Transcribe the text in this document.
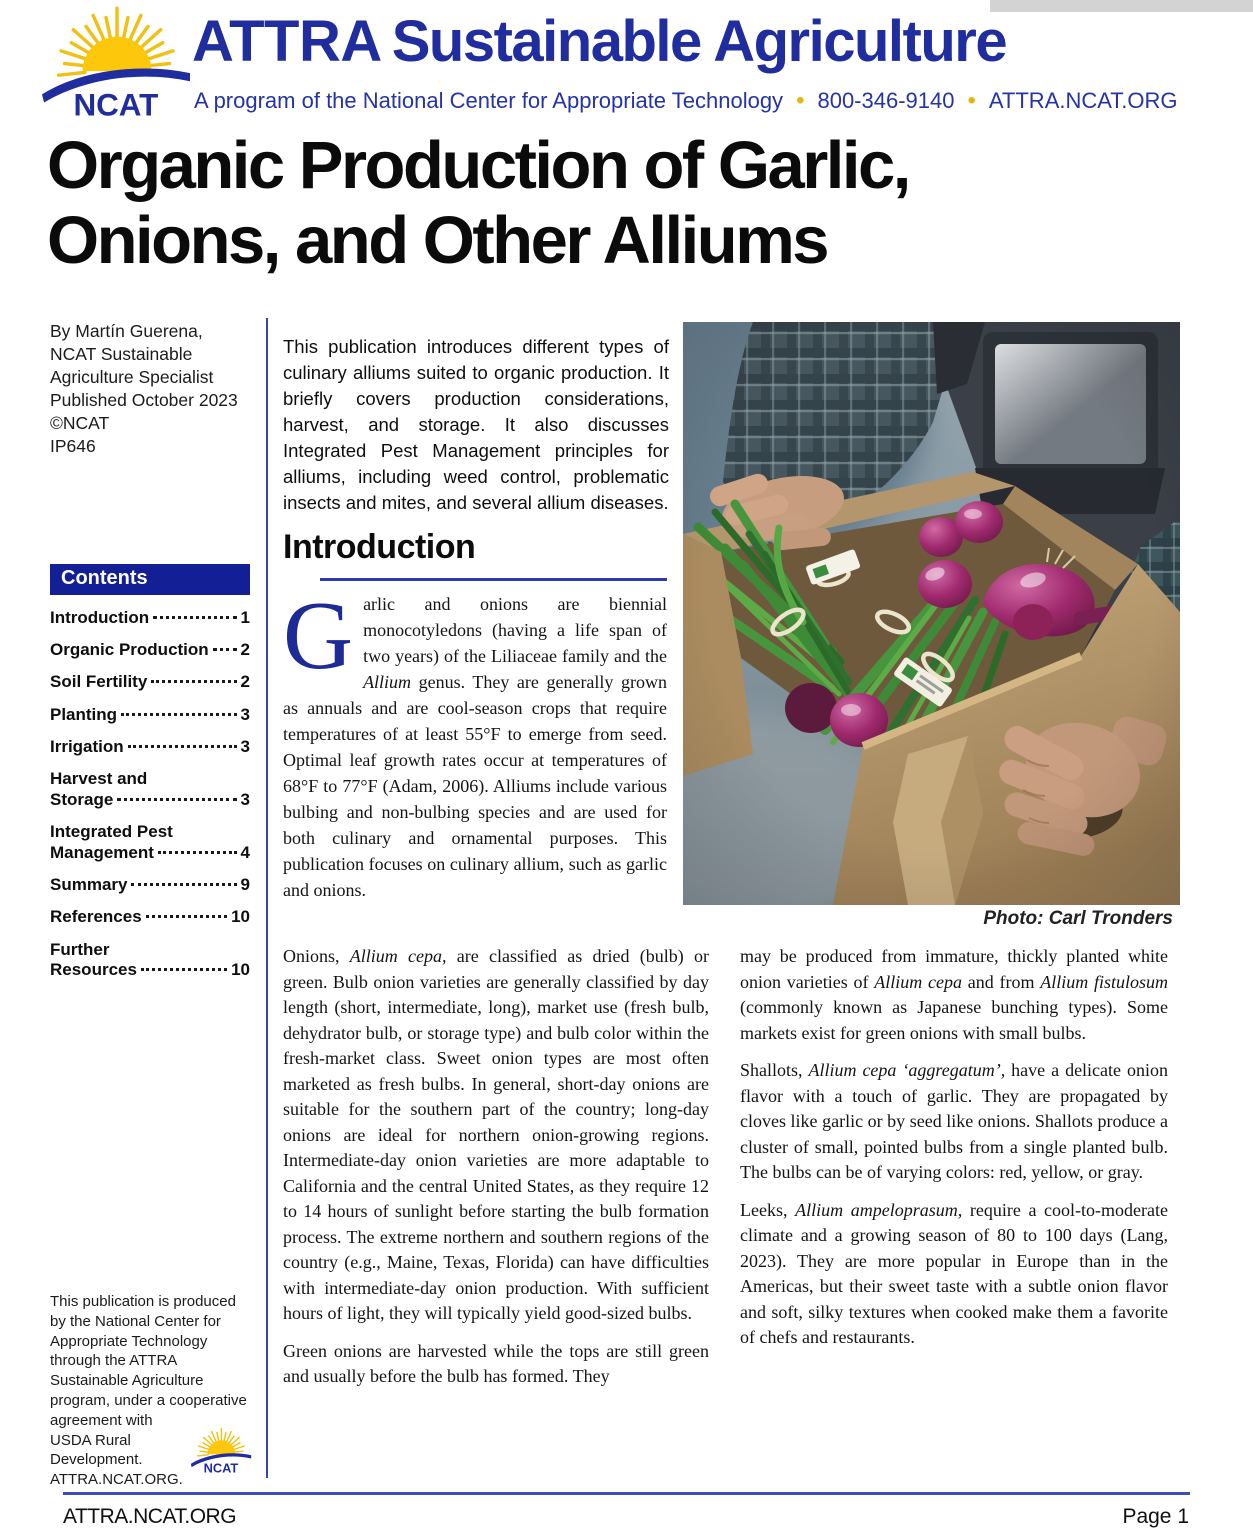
ATTRA Sustainable Agriculture
A program of the National Center for Appropriate Technology • 800-346-9140 • ATTRA.NCAT.ORG
Organic Production of Garlic,
Onions, and Other Alliums
By Martín Guerena,
NCAT Sustainable
Agriculture Specialist
Published October 2023
©NCAT
IP646
Contents
Introduction	1
Organic Production 2
Soil Fertility	2
Planting	3
Irrigation	3
Harvest and
Storage	3
Integrated Pest
Management	4
Summary	9
References	10
Further
Resources	10
This publication is produced
by the National Center for
Appropriate Technology
through the ATTRA
Sustainable Agriculture
program, under a cooperative
agreement with
USDA Rural
Development.
ATTRA.NCAT.ORG.

This publication introduces different types of culinary alliums suited to organic production. It briefly covers production considerations, harvest, and storage. It also discusses Integrated Pest Management principles for alliums, including weed control, problematic insects and mites, and several allium diseases.

Introduction

Garlic and onions are biennial monocotyledons (having a life span of two years) of the Liliaceae family and the Allium genus. They are generally grown as annuals and are cool-season crops that require temperatures of at least 55°F to emerge from seed. Optimal leaf growth rates occur at temperatures of 68°F to 77°F (Adam, 2006). Alliums include various bulbing and non-bulbing species and are used for both culinary and ornamental purposes. This publication focuses on culinary allium, such as garlic and onions.

Photo: Carl Tronders

Onions, Allium cepa, are classified as dried (bulb) or green. Bulb onion varieties are generally classified by day length (short, intermediate, long), market use (fresh bulb, dehydrator bulb, or storage type) and bulb color within the fresh-market class. Sweet onion types are most often marketed as fresh bulbs. In general, short-day onions are suitable for the southern part of the country; long-day onions are ideal for northern onion-growing regions. Intermediate-day onion varieties are more adaptable to California and the central United States, as they require 12 to 14 hours of sunlight before starting the bulb formation process. The extreme northern and southern regions of the country (e.g., Maine, Texas, Florida) can have difficulties with intermediate-day onion production. With sufficient hours of light, they will typically yield good-sized bulbs.

Green onions are harvested while the tops are still green and usually before the bulb has formed. They

may be produced from immature, thickly planted white onion varieties of Allium cepa and from Allium fistulosum (commonly known as Japanese bunching types). Some markets exist for green onions with small bulbs.

Shallots, Allium cepa ‘aggregatum’, have a delicate onion flavor with a touch of garlic. They are propagated by cloves like garlic or by seed like onions. Shallots produce a cluster of small, pointed bulbs from a single planted bulb. The bulbs can be of varying colors: red, yellow, or gray.

Leeks, Allium ampeloprasum, require a cool-to-moderate climate and a growing season of 80 to 100 days (Lang, 2023). They are more popular in Europe than in the Americas, but their sweet taste with a subtle onion flavor and soft, silky textures when cooked make them a favorite of chefs and restaurants.

ATTRA.NCAT.ORG	Page 1
